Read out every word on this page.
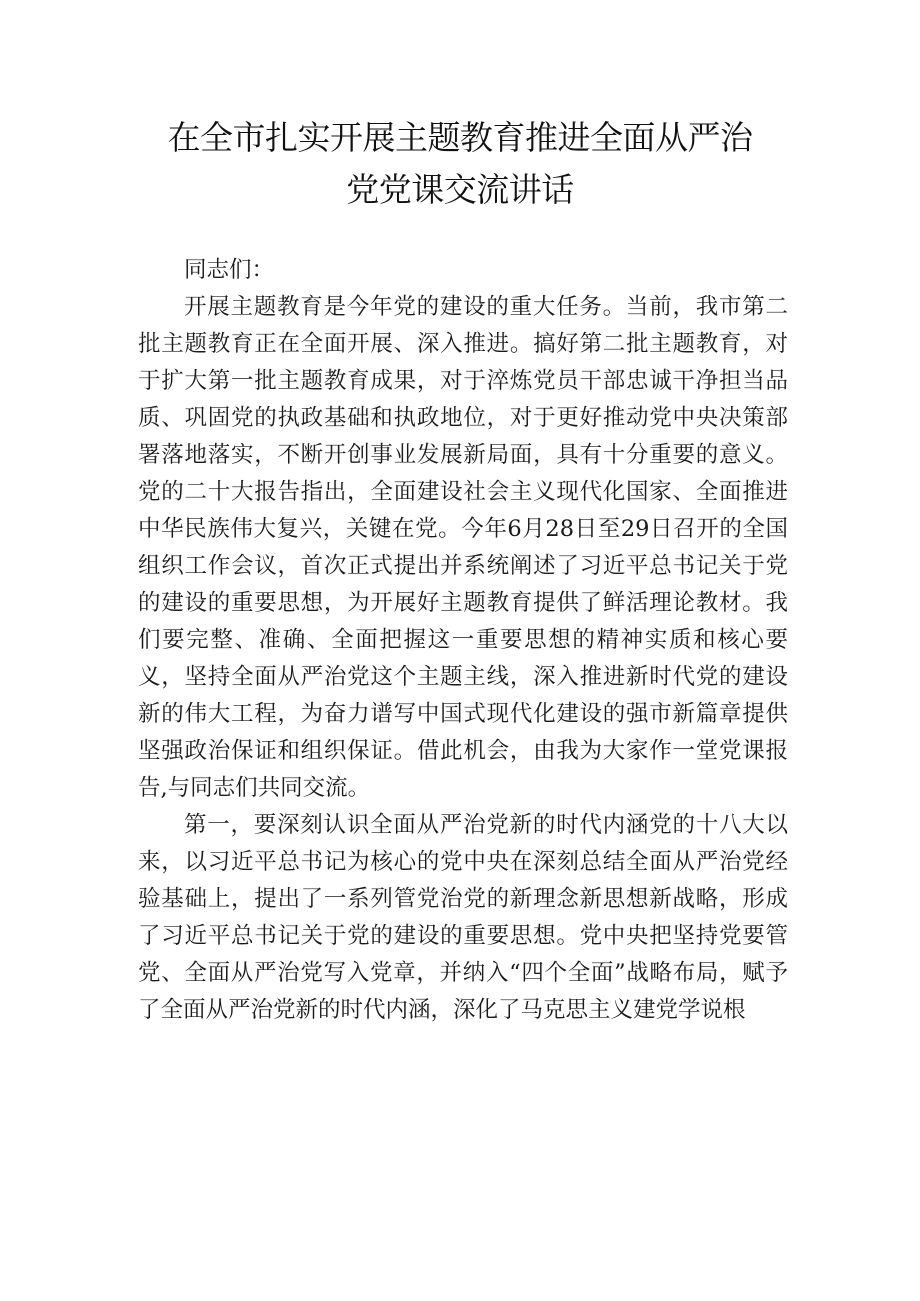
在全市扎实开展主题教育推进全面从严治
党党课交流讲话

同志们：

开展主题教育是今年党的建设的重大任务。当前，我市第二批主题教育正在全面开展、深入推进。搞好第二批主题教育，对于扩大第一批主题教育成果，对于淬炼党员干部忠诚干净担当品质、巩固党的执政基础和执政地位，对于更好推动党中央决策部署落地落实，不断开创事业发展新局面，具有十分重要的意义。党的二十大报告指出，全面建设社会主义现代化国家、全面推进中华民族伟大复兴，关键在党。今年6月28日至29日召开的全国组织工作会议，首次正式提出并系统阐述了习近平总书记关于党的建设的重要思想，为开展好主题教育提供了鲜活理论教材。我们要完整、准确、全面把握这一重要思想的精神实质和核心要义，坚持全面从严治党这个主题主线，深入推进新时代党的建设新的伟大工程，为奋力谱写中国式现代化建设的强市新篇章提供坚强政治保证和组织保证。借此机会，由我为大家作一堂党课报告,与同志们共同交流。

第一，要深刻认识全面从严治党新的时代内涵党的十八大以来，以习近平总书记为核心的党中央在深刻总结全面从严治党经验基础上，提出了一系列管党治党的新理念新思想新战略，形成了习近平总书记关于党的建设的重要思想。党中央把坚持党要管党、全面从严治党写入党章，并纳入“四个全面”战略布局，赋予了全面从严治党新的时代内涵，深化了马克思主义建党学说根
